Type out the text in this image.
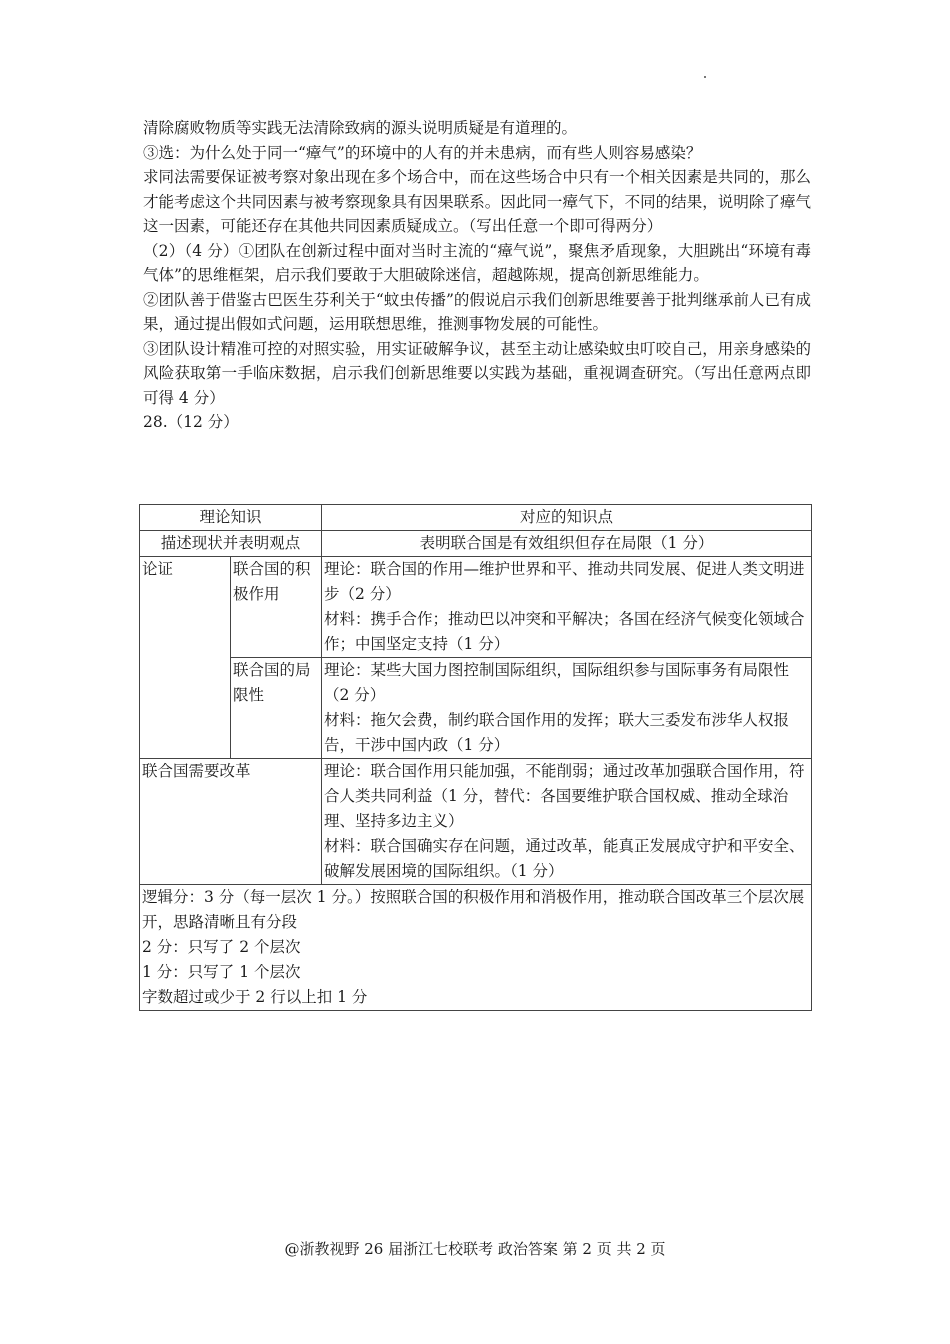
清除腐败物质等实践无法清除致病的源头说明质疑是有道理的。

③选：为什么处于同一“瘴气”的环境中的人有的并未患病，而有些人则容易感染？

求同法需要保证被考察对象出现在多个场合中，而在这些场合中只有一个相关因素是共同的，那么才能考虑这个共同因素与被考察现象具有因果联系。因此同一瘴气下，不同的结果，说明除了瘴气这一因素，可能还存在其他共同因素质疑成立。（写出任意一个即可得两分）

（2）（4 分）①团队在创新过程中面对当时主流的“瘴气说”，聚焦矛盾现象，大胆跳出“环境有毒气体”的思维框架，启示我们要敢于大胆破除迷信，超越陈规，提高创新思维能力。

②团队善于借鉴古巴医生芬利关于“蚊虫传播”的假说启示我们创新思维要善于批判继承前人已有成果，通过提出假如式问题，运用联想思维，推测事物发展的可能性。

③团队设计精准可控的对照实验，用实证破解争议，甚至主动让感染蚊虫叮咬自己，用亲身感染的风险获取第一手临床数据，启示我们创新思维要以实践为基础，重视调查研究。（写出任意两点即可得 4 分）

28.（12 分）

理论知识		对应的知识点
描述现状并表明观点		表明联合国是有效组织但存在局限（1 分）
论证	联合国的积极作用	理论：联合国的作用—维护世界和平、推动共同发展、促进人类文明进步（2 分）
材料：携手合作；推动巴以冲突和平解决；各国在经济气候变化领域合作；中国坚定支持（1 分）

	联合国的局限性	理论：某些大国力图控制国际组织，国际组织参与国际事务有局限性（2 分）
材料：拖欠会费，制约联合国作用的发挥；联大三委发布涉华人权报告，干涉中国内政（1 分）

联合国需要改革		理论：联合国作用只能加强，不能削弱；通过改革加强联合国作用，符合人类共同利益（1 分，替代：各国要维护联合国权威、推动全球治理、坚持多边主义）
材料：联合国确实存在问题，通过改革，能真正发展成守护和平安全、破解发展困境的国际组织。（1 分）

逻辑分：3 分（每一层次 1 分。）按照联合国的积极作用和消极作用，推动联合国改革三个层次展开，思路清晰且有分段
2 分：只写了 2 个层次
1 分：只写了 1 个层次
字数超过或少于 2 行以上扣 1 分		
@浙教视野 26 届浙江七校联考 政治答案 第 2 页 共 2 页
